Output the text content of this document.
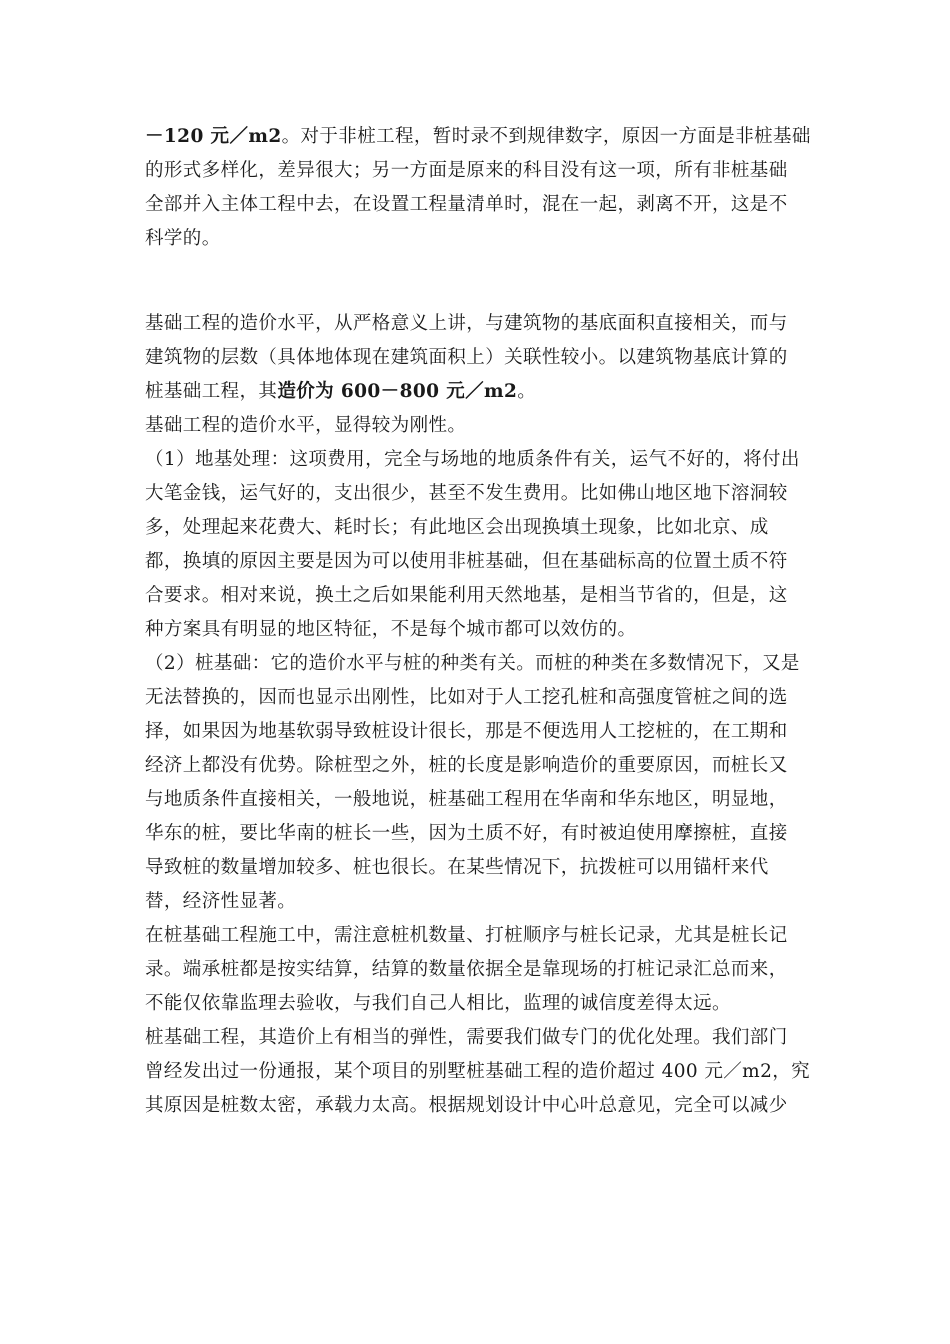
－120 元／m2。对于非桩工程，暂时录不到规律数字，原因一方面是非桩基础
的形式多样化，差异很大；另一方面是原来的科目没有这一项，所有非桩基础
全部并入主体工程中去，在设置工程量清单时，混在一起，剥离不开，这是不
科学的。
基础工程的造价水平，从严格意义上讲，与建筑物的基底面积直接相关，而与
建筑物的层数（具体地体现在建筑面积上）关联性较小。以建筑物基底计算的
桩基础工程，其造价为 600－800 元／m2。
基础工程的造价水平，显得较为刚性。
（1）地基处理：这项费用，完全与场地的地质条件有关，运气不好的，将付出
大笔金钱，运气好的，支出很少，甚至不发生费用。比如佛山地区地下溶洞较
多，处理起来花费大、耗时长；有此地区会出现换填土现象，比如北京、成
都，换填的原因主要是因为可以使用非桩基础，但在基础标高的位置土质不符
合要求。相对来说，换土之后如果能利用天然地基，是相当节省的，但是，这
种方案具有明显的地区特征，不是每个城市都可以效仿的。
（2）桩基础：它的造价水平与桩的种类有关。而桩的种类在多数情况下，又是
无法替换的，因而也显示出刚性，比如对于人工挖孔桩和高强度管桩之间的选
择，如果因为地基软弱导致桩设计很长，那是不便选用人工挖桩的，在工期和
经济上都没有优势。除桩型之外，桩的长度是影响造价的重要原因，而桩长又
与地质条件直接相关，一般地说，桩基础工程用在华南和华东地区，明显地，
华东的桩，要比华南的桩长一些，因为土质不好，有时被迫使用摩擦桩，直接
导致桩的数量增加较多、桩也很长。在某些情况下，抗拨桩可以用锚杆来代
替，经济性显著。
在桩基础工程施工中，需注意桩机数量、打桩顺序与桩长记录，尤其是桩长记
录。端承桩都是按实结算，结算的数量依据全是靠现场的打桩记录汇总而来，
不能仅依靠监理去验收，与我们自己人相比，监理的诚信度差得太远。
桩基础工程，其造价上有相当的弹性，需要我们做专门的优化处理。我们部门
曾经发出过一份通报，某个项目的别墅桩基础工程的造价超过 400 元／m2，究
其原因是桩数太密，承载力太高。根据规划设计中心叶总意见，完全可以减少
